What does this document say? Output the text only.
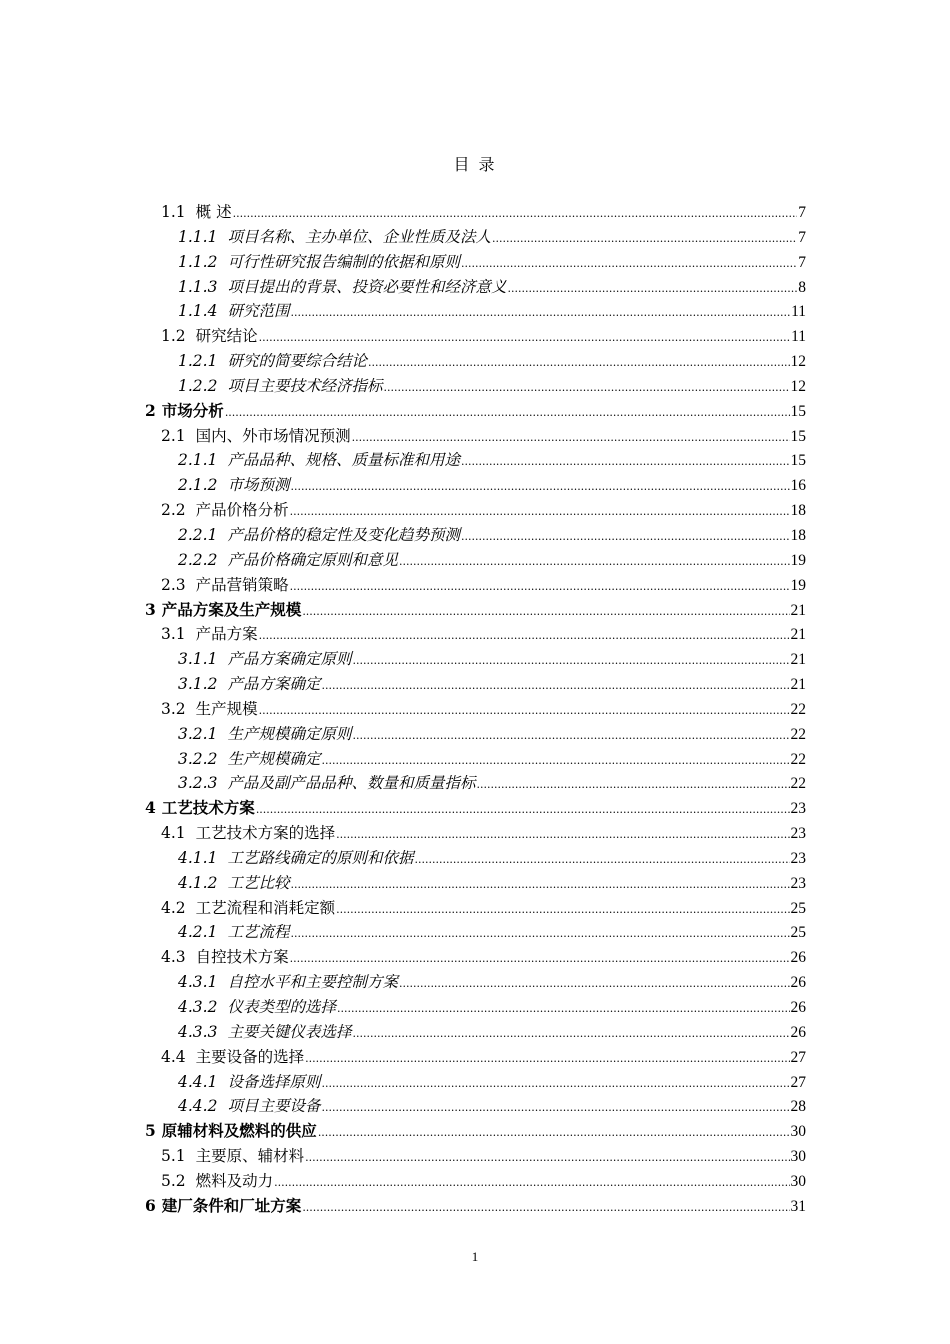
目 录
1.1 概 述 .....	7
1.1.1 项目名称、主办单位、企业性质及法人 .....	7
1.1.2 可行性研究报告编制的依据和原则 .....	7
1.1.3 项目提出的背景、投资必要性和经济意义 .....	8
1.1.4 研究范围 .....	11
1.2 研究结论 .....	11
1.2.1 研究的简要综合结论 .....	12
1.2.2 项目主要技术经济指标 .....	12
2 市场分析 .....	15
2.1 国内、外市场情况预测 .....	15
2.1.1 产品品种、规格、质量标准和用途 .....	15
2.1.2 市场预测 .....	16
2.2 产品价格分析 .....	18
2.2.1 产品价格的稳定性及变化趋势预测 .....	18
2.2.2 产品价格确定原则和意见 .....	19
2.3 产品营销策略 .....	19
3 产品方案及生产规模 .....	21
3.1 产品方案 .....	21
3.1.1 产品方案确定原则 .....	21
3.1.2 产品方案确定 .....	21
3.2 生产规模 .....	22
3.2.1 生产规模确定原则 .....	22
3.2.2 生产规模确定 .....	22
3.2.3 产品及副产品品种、数量和质量指标 .....	22
4 工艺技术方案 .....	23
4.1 工艺技术方案的选择 .....	23
4.1.1 工艺路线确定的原则和依据 .....	23
4.1.2 工艺比较 .....	23
4.2 工艺流程和消耗定额 .....	25
4.2.1 工艺流程 .....	25
4.3 自控技术方案 .....	26
4.3.1 自控水平和主要控制方案 .....	26
4.3.2 仪表类型的选择 .....	26
4.3.3 主要关键仪表选择 .....	26
4.4 主要设备的选择 .....	27
4.4.1 设备选择原则 .....	27
4.4.2 项目主要设备 .....	28
5 原辅材料及燃料的供应 .....	30
5.1 主要原、辅材料 .....	30
5.2 燃料及动力 .....	30
6 建厂条件和厂址方案 .....	31
1
